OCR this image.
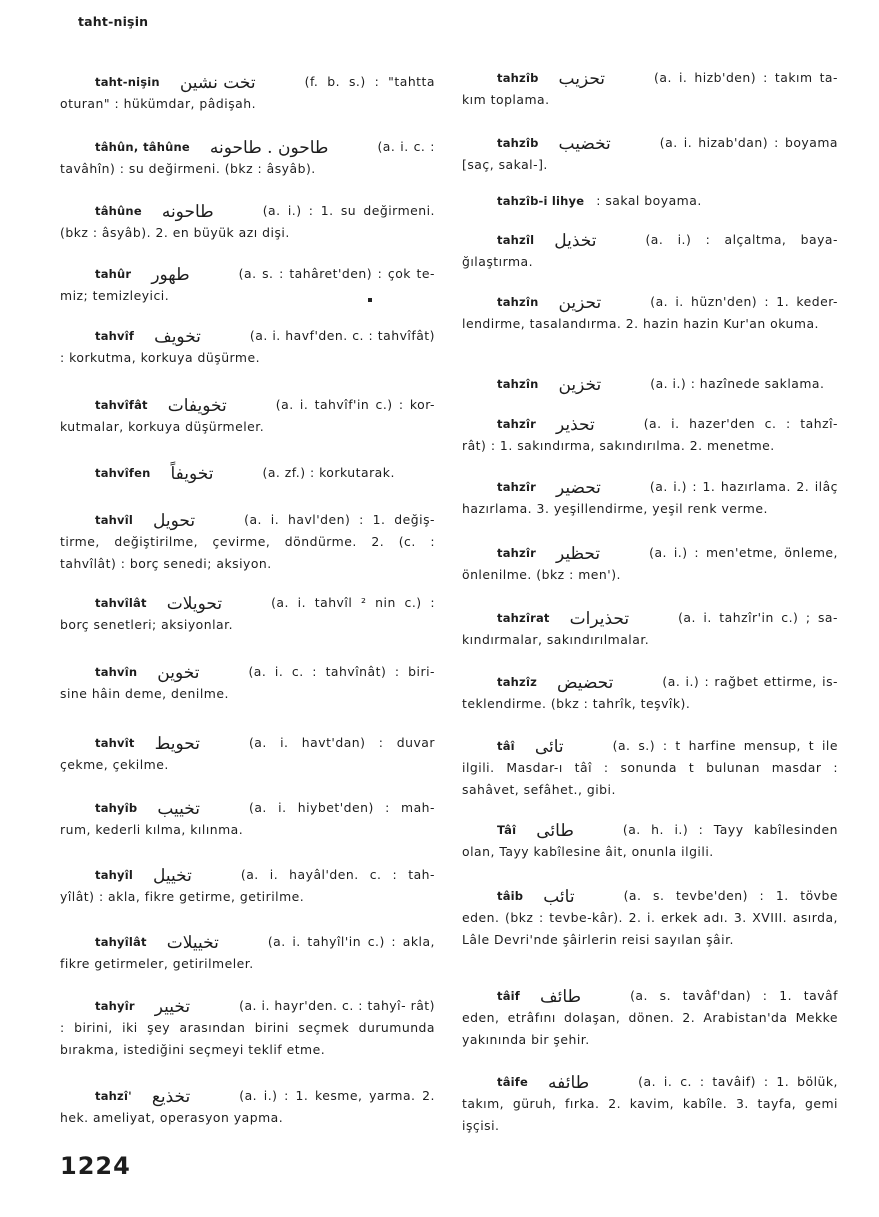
taht-nişin
taht-nişin تخت نشين	(f. b. s.) : "tahtta oturan" : hükümdar, pâdişah.
tâhûn, tâhûne طاحون . طاحونه	(a. i. c. : tavâhîn) : su değirmeni. (bkz : âsyâb).
tâhûne طاحونه	(a. i.) : 1. su değirmeni. (bkz : âsyâb). 2. en büyük azı dişi.
tahûr طهور	(a. s. : tahâret'den) : çok te- miz; temizleyici.
tahvîf تخويف	(a. i. havf'den. c. : tahvîfât) : korkutma, korkuya düşürme.
tahvîfât تخويفات	(a. i. tahvîf'in c.) : kor- kutmalar, korkuya düşürmeler.
tahvîfen تخويفاً	(a. zf.) : korkutarak.
tahvîl تحويل	(a. i. havl'den) : 1. değiş- tirme, değiştirilme, çevirme, döndürme. 2. (c. : tahvîlât) : borç senedi; aksiyon.
tahvîlât تحويلات	(a. i. tahvîl ² nin c.) : borç senetleri; aksiyonlar.
tahvîn تخوين	(a. i. c. : tahvînât) : biri- sine hâin deme, denilme.
tahvît تحويط	(a. i. havt'dan) : duvar çekme, çekilme.
tahyîb تخييب	(a. i. hiybet'den) : mah- rum, kederli kılma, kılınma.
tahyîl تخييل	(a. i. hayâl'den. c. : tah- yîlât) : akla, fikre getirme, getirilme.
tahyîlât تخييلات	(a. i. tahyîl'in c.) : akla, fikre getirmeler, getirilmeler.
tahyîr تخيير	(a. i. hayr'den. c. : tahyî- rât) : birini, iki şey arasından birini seçmek durumunda bırakma, istediğini seçmeyi teklif etme.
tahzî' تخذيع	(a. i.) : 1. kesme, yarma. 2. hek. ameliyat, operasyon yapma.
tahzîb تحزيب	(a. i. hizb'den) : takım ta- kım toplama.
tahzîb تخضيب	(a. i. hizab'dan) : boyama [saç, sakal-].
tahzîb-i lihye : sakal boyama.
tahzîl تخذيل	(a. i.) : alçaltma, baya- ğılaştırma.
tahzîn تحزين	(a. i. hüzn'den) : 1. keder- lendirme, tasalandırma. 2. hazin hazin Kur'an okuma.
tahzîn تخزين	(a. i.) : hazînede saklama.
tahzîr تحذير	(a. i. hazer'den c. : tahzî- rât) : 1. sakındırma, sakındırılma. 2. menetme.
tahzîr تحضير	(a. i.) : 1. hazırlama. 2. ilâç hazırlama. 3. yeşillendirme, yeşil renk verme.
tahzîr تحظير	(a. i.) : men'etme, önleme, önlenilme. (bkz : men').
tahzîrat تحذيرات	(a. i. tahzîr'in c.) ; sa- kındırmalar, sakındırılmalar.
tahzîz تحضيض	(a. i.) : rağbet ettirme, is- teklendirme. (bkz : tahrîk, teşvîk).
tâî تائى	(a. s.) : t harfine mensup, t ile ilgili. Masdar-ı tâî : sonunda t bulunan masdar : sahâvet, sefâhet., gibi.
Tâî طائى	(a. h. i.) : Tayy kabîlesinden olan, Tayy kabîlesine âit, onunla ilgili.
tâib تائب	(a. s. tevbe'den) : 1. tövbe eden. (bkz : tevbe-kâr). 2. i. erkek adı. 3. XVIII. asırda, Lâle Devri'nde şâirlerin reisi sayılan şâir.
tâif طائف	(a. s. tavâf'dan) : 1. tavâf eden, etrâfını dolaşan, dönen. 2. Arabistan'da Mekke yakınında bir şehir.
tâife طائفه	(a. i. c. : tavâif) : 1. bölük, takım, güruh, fırka. 2. kavim, kabîle. 3. tayfa, gemi işçisi.
1224
